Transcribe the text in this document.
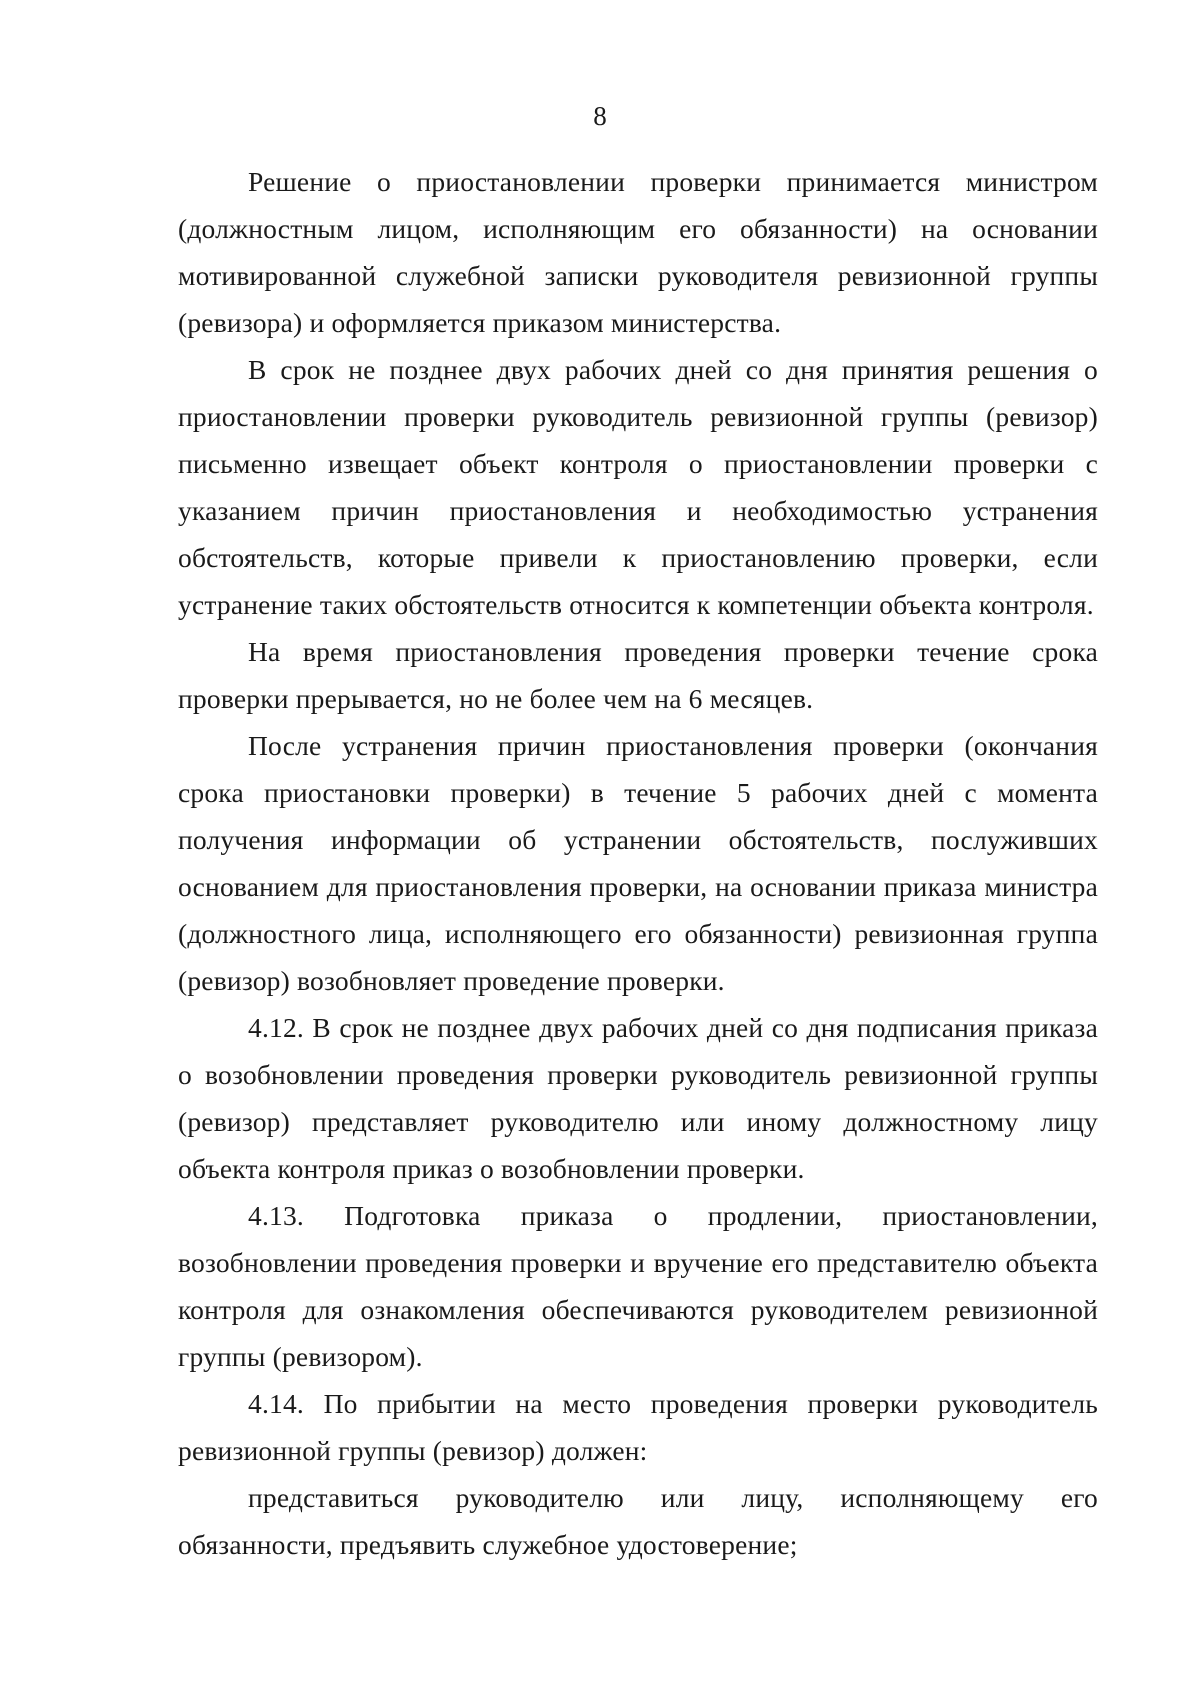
8

Решение о приостановлении проверки принимается министром (должностным лицом, исполняющим его обязанности) на основании мотивированной служебной записки руководителя ревизионной группы (ревизора) и оформляется приказом министерства.

В срок не позднее двух рабочих дней со дня принятия решения о приостановлении проверки руководитель ревизионной группы (ревизор) письменно извещает объект контроля о приостановлении проверки с указанием причин приостановления и необходимостью устранения обстоятельств, которые привели к приостановлению проверки, если устранение таких обстоятельств относится к компетенции объекта контроля.

На время приостановления проведения проверки течение срока проверки прерывается, но не более чем на 6 месяцев.

После устранения причин приостановления проверки (окончания срока приостановки проверки) в течение 5 рабочих дней с момента получения информации об устранении обстоятельств, послуживших основанием для приостановления проверки, на основании приказа министра (должностного лица, исполняющего его обязанности) ревизионная группа (ревизор) возобновляет проведение проверки.

4.12. В срок не позднее двух рабочих дней со дня подписания приказа о возобновлении проведения проверки руководитель ревизионной группы (ревизор) представляет руководителю или иному должностному лицу объекта контроля приказ о возобновлении проверки.

4.13. Подготовка приказа о продлении, приостановлении, возобновлении проведения проверки и вручение его представителю объекта контроля для ознакомления обеспечиваются руководителем ревизионной группы (ревизором).

4.14. По прибытии на место проведения проверки руководитель ревизионной группы (ревизор) должен:

представиться руководителю или лицу, исполняющему его обязанности, предъявить служебное удостоверение;
